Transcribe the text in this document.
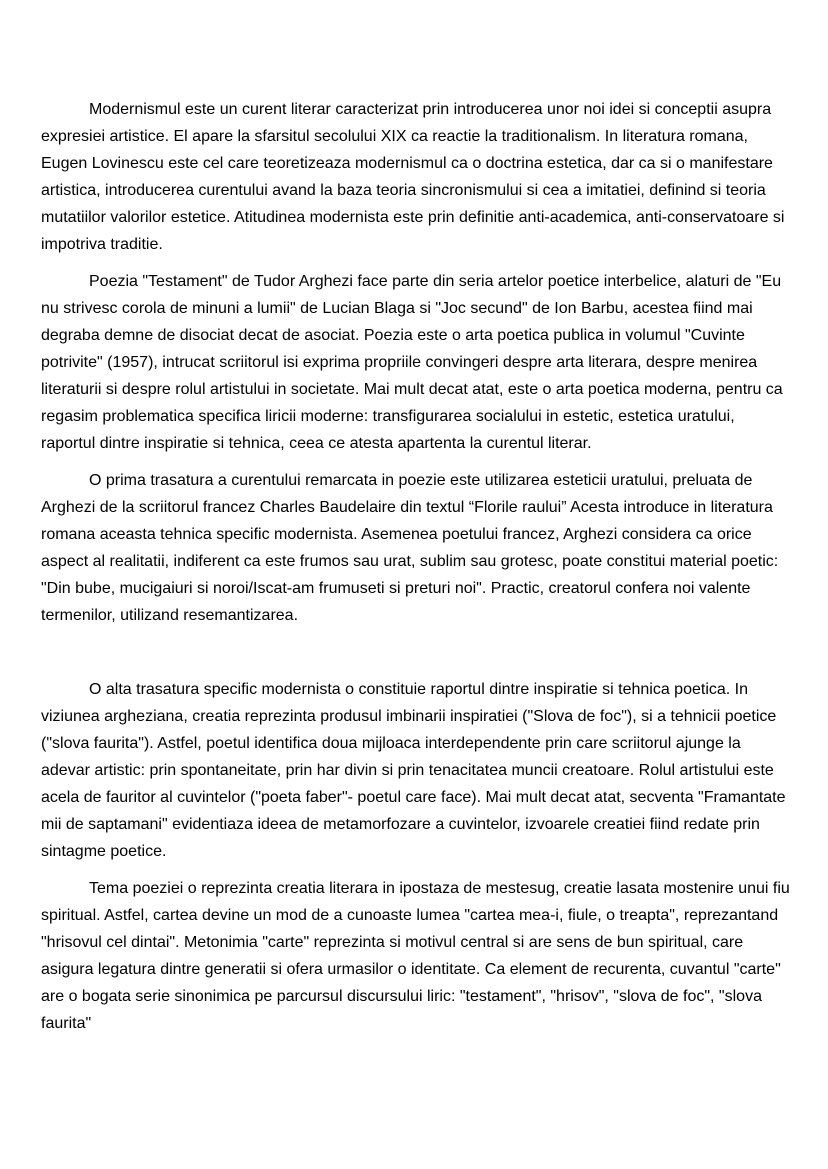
Modernismul este un curent literar caracterizat prin introducerea unor noi idei si conceptii asupra expresiei artistice. El apare la sfarsitul secolului XIX ca reactie la traditionalism. In literatura romana, Eugen Lovinescu este cel care teoretizeaza modernismul ca o doctrina estetica, dar ca si o manifestare artistica, introducerea curentului avand la baza teoria sincronismului si cea a imitatiei, definind si teoria mutatiilor valorilor estetice. Atitudinea modernista este prin definitie anti-academica, anti-conservatoare si impotriva traditie.

Poezia "Testament" de Tudor Arghezi face parte din seria artelor poetice interbelice, alaturi de "Eu nu strivesc corola de minuni a lumii" de Lucian Blaga si "Joc secund" de Ion Barbu, acestea fiind mai degraba demne de disociat decat de asociat. Poezia este o arta poetica publica in volumul "Cuvinte potrivite" (1957), intrucat scriitorul isi exprima propriile convingeri despre arta literara, despre menirea literaturii si despre rolul artistului in societate. Mai mult decat atat, este o arta poetica moderna, pentru ca regasim problematica specifica liricii moderne: transfigurarea socialului in estetic, estetica uratului, raportul dintre inspiratie si tehnica, ceea ce atesta apartenta la curentul literar.

O prima trasatura a curentului remarcata in poezie este utilizarea esteticii uratului, preluata de Arghezi de la scriitorul francez Charles Baudelaire din textul “Florile raului” Acesta introduce in literatura romana aceasta tehnica specific modernista. Asemenea poetului francez, Arghezi considera ca orice aspect al realitatii, indiferent ca este frumos sau urat, sublim sau grotesc, poate constitui material poetic: "Din bube, mucigaiuri si noroi/Iscat-am frumuseti si preturi noi". Practic, creatorul confera noi valente termenilor, utilizand resemantizarea.

O alta trasatura specific modernista o constituie raportul dintre inspiratie si tehnica poetica. In viziunea argheziana, creatia reprezinta produsul imbinarii inspiratiei ("Slova de foc"), si a tehnicii poetice ("slova faurita"). Astfel, poetul identifica doua mijloaca interdependente prin care scriitorul ajunge la adevar artistic: prin spontaneitate, prin har divin si prin tenacitatea muncii creatoare. Rolul artistului este acela de fauritor al cuvintelor ("poeta faber"- poetul care face). Mai mult decat atat, secventa "Framantate mii de saptamani" evidentiaza ideea de metamorfozare a cuvintelor, izvoarele creatiei fiind redate prin sintagme poetice.

Tema poeziei o reprezinta creatia literara in ipostaza de mestesug, creatie lasata mostenire unui fiu spiritual. Astfel, cartea devine un mod de a cunoaste lumea "cartea mea-i, fiule, o treapta", reprezantand "hrisovul cel dintai". Metonimia "carte" reprezinta si motivul central si are sens de bun spiritual, care asigura legatura dintre generatii si ofera urmasilor o identitate. Ca element de recurenta, cuvantul "carte" are o bogata serie sinonimica pe parcursul discursului liric: "testament", "hrisov", "slova de foc", "slova faurita"
